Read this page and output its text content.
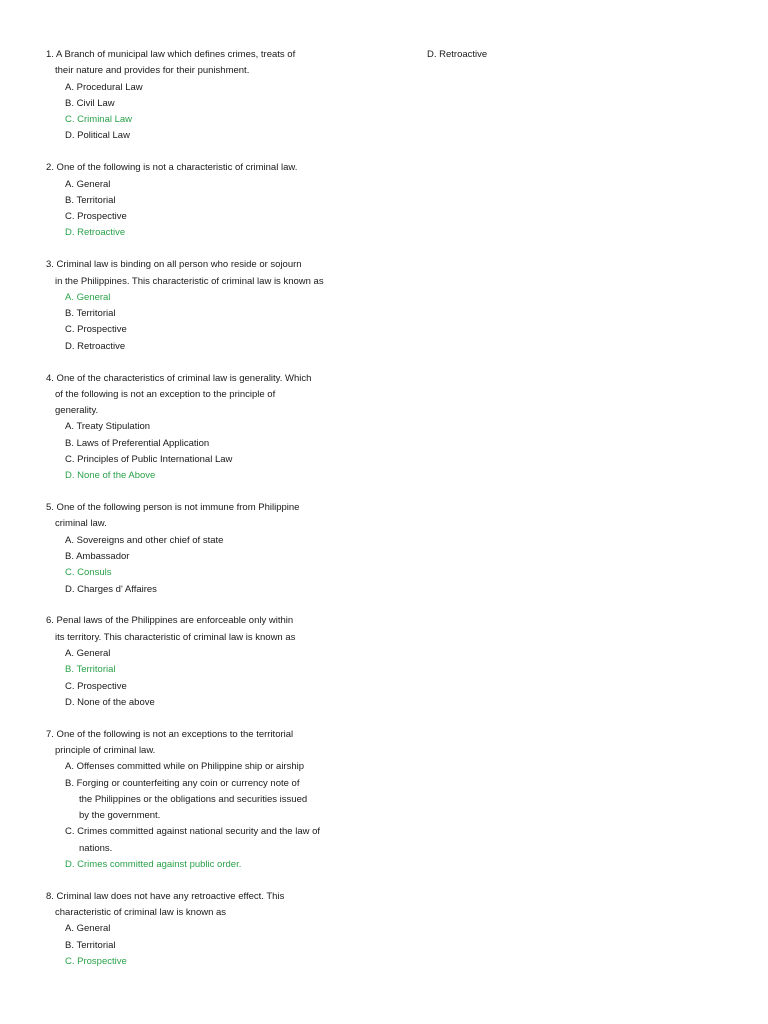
1. A Branch of municipal law which defines crimes, treats of
their nature and provides for their punishment.
A. Procedural Law
B. Civil Law
C. Criminal Law
D. Political Law
2. One of the following is not a characteristic of criminal law.
A. General
B. Territorial
C. Prospective
D. Retroactive
3. Criminal law is binding on all person who reside or sojourn
in the Philippines. This characteristic of criminal law is known as
A. General
B. Territorial
C. Prospective
D. Retroactive
4. One of the characteristics of criminal law is generality. Which
of the following is not an exception to the principle of
generality.
A. Treaty Stipulation
B. Laws of Preferential Application
C. Principles of Public International Law
D. None of the Above
5. One of the following person is not immune from Philippine
criminal law.
A. Sovereigns and other chief of state
B. Ambassador
C. Consuls
D. Charges d' Affaires
6. Penal laws of the Philippines are enforceable only within
its territory. This characteristic of criminal law is known as
A. General
B. Territorial
C. Prospective
D. None of the above
7. One of the following is not an exceptions to the territorial
principle of criminal law.
A. Offenses committed while on Philippine ship or airship
B. Forging or counterfeiting any coin or currency note of
the Philippines or the obligations and securities issued
by the government.
C. Crimes committed against national security and the law of
nations.
D. Crimes committed against public order.
8. Criminal law does not have any retroactive effect. This
characteristic of criminal law is known as
A. General
B. Territorial
C. Prospective
D. Retroactive
